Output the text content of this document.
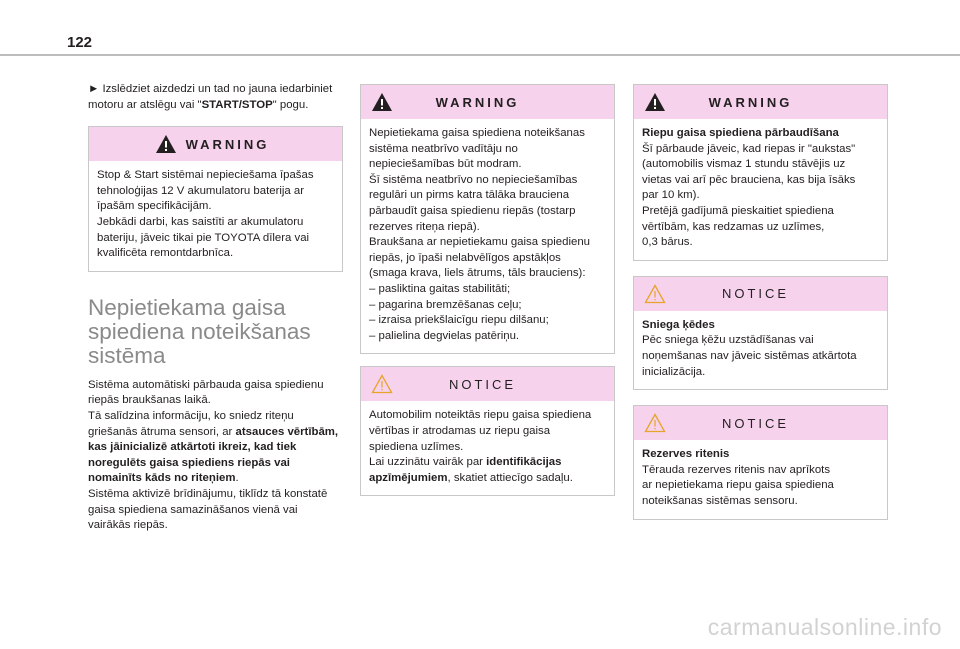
122

► Izslēdziet aizdedzi un tad no jauna iedarbiniet motoru ar atslēgu vai "START/STOP" pogu.

WARNING
Stop & Start sistēmai nepieciešama īpašas
tehnoloģijas 12 V akumulatoru baterija ar
īpašām specifikācijām.
Jebkādi darbi, kas saistīti ar akumulatoru
bateriju, jāveic tikai pie TOYOTA dīlera vai
kvalificēta remontdarbnīca.
Nepietiekama gaisa
spiediena noteikšanas
sistēma

Sistēma automātiski pārbauda gaisa spiedienu riepās braukšanas laikā.

Tā salīdzina informāciju, ko sniedz riteņu griešanās ātruma sensori, ar atsauces vērtībām, kas jāinicializē atkārtoti ikreiz, kad tiek noregulēts gaisa spiediens riepās vai nomainīts kāds no riteņiem.

Sistēma aktivizē brīdinājumu, tiklīdz tā konstatē gaisa spiediena samazināšanos vienā vai vairākās riepās.

WARNING
Nepietiekama gaisa spiediena noteikšanas
sistēma neatbrīvo vadītāju no
nepieciešamības būt modram.
Šī sistēma neatbrīvo no nepieciešamības
regulāri un pirms katra tālāka brauciena
pārbaudīt gaisa spiedienu riepās (tostarp
rezerves riteņa riepā).
Braukšana ar nepietiekamu gaisa spiedienu
riepās, jo īpaši nelabvēlīgos apstākļos
(smaga krava, liels ātrums, tāls brauciens):
– pasliktina gaitas stabilitāti;
– pagarina bremzēšanas ceļu;
– izraisa priekšlaicīgu riepu dilšanu;
– palielina degvielas patēriņu.
NOTICE
Automobilim noteiktās riepu gaisa spiediena
vērtības ir atrodamas uz riepu gaisa
spiediena uzlīmes.
Lai uzzinātu vairāk par identifikācijas apzīmējumiem, skatiet attiecīgo sadaļu.
WARNING
Riepu gaisa spiediena pārbaudīšana
Šī pārbaude jāveic, kad riepas ir "aukstas"
(automobilis vismaz 1 stundu stāvējis uz
vietas vai arī pēc brauciena, kas bija īsāks
par 10 km).
Pretējā gadījumā pieskaitiet spiediena
vērtībām, kas redzamas uz uzlīmes,
0,3 bārus.
NOTICE
Sniega ķēdes
Pēc sniega ķēžu uzstādīšanas vai
noņemšanas nav jāveic sistēmas atkārtota
inicializācija.
NOTICE
Rezerves ritenis
Tērauda rezerves ritenis nav aprīkots
ar nepietiekama riepu gaisa spiediena
noteikšanas sistēmas sensoru.
carmanualsonline.info
